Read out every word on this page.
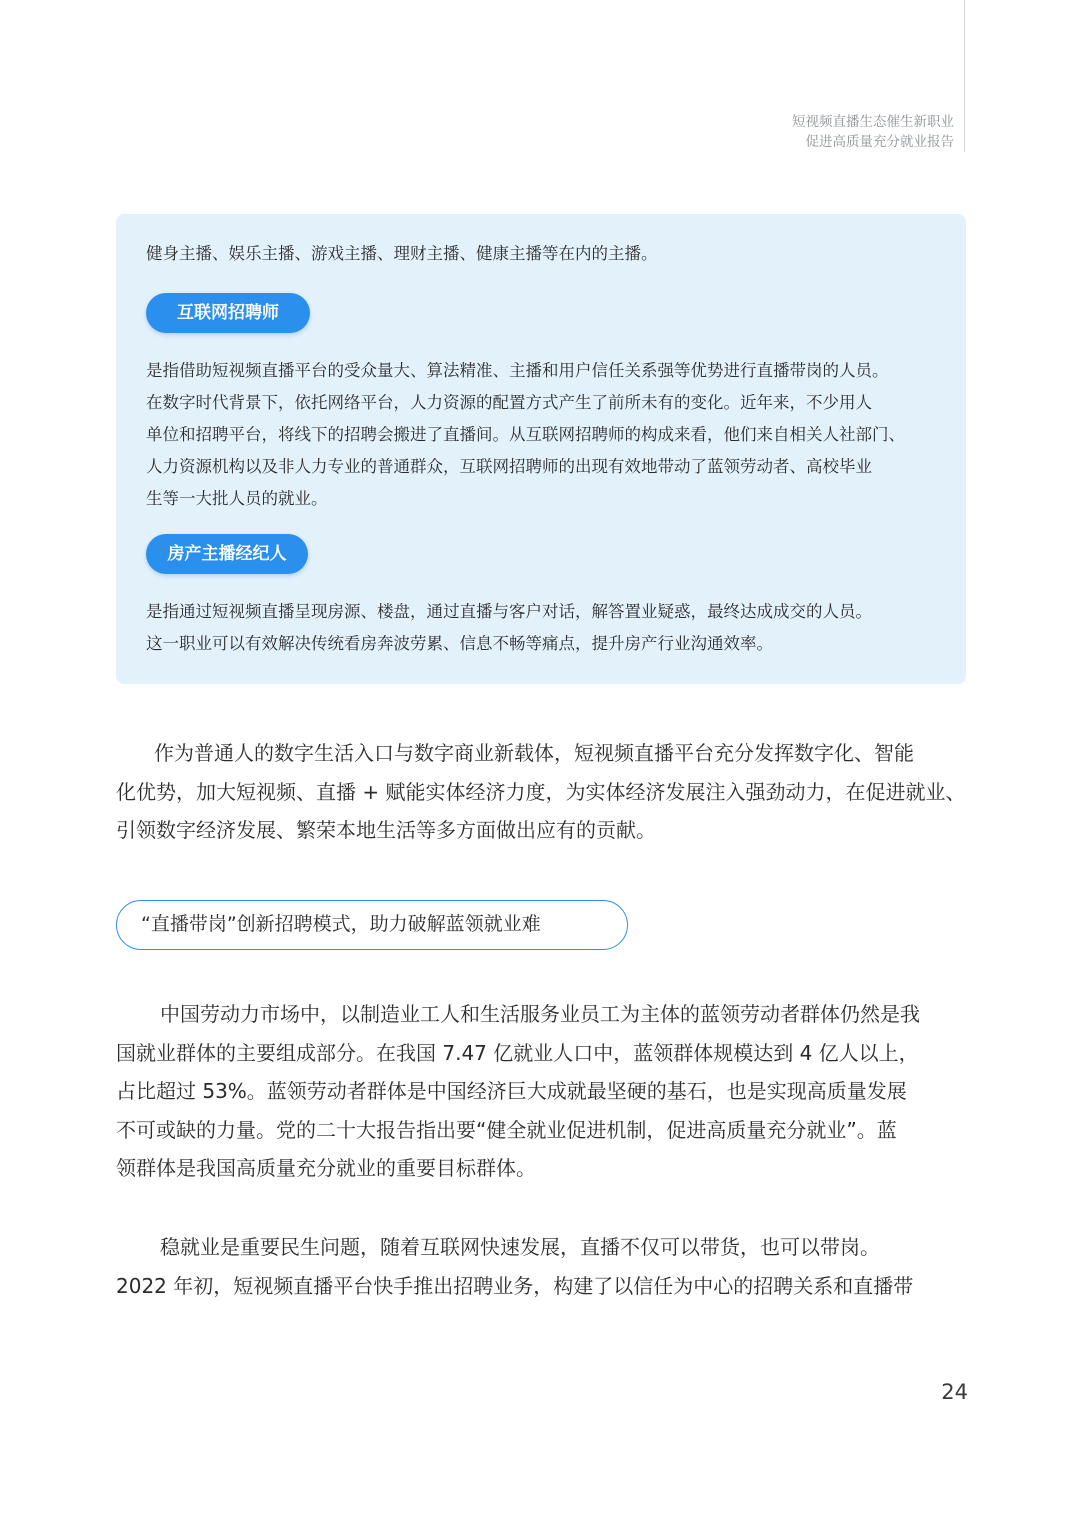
短视频直播生态催生新职业
促进高质量充分就业报告

健身主播、娱乐主播、游戏主播、理财主播、健康主播等在内的主播。

互联网招聘师
是指借助短视频直播平台的受众量大、算法精准、主播和用户信任关系强等优势进行直播带岗的人员。
在数字时代背景下，依托网络平台，人力资源的配置方式产生了前所未有的变化。近年来，不少用人
单位和招聘平台，将线下的招聘会搬进了直播间。从互联网招聘师的构成来看，他们来自相关人社部门、
人力资源机构以及非人力专业的普通群众，互联网招聘师的出现有效地带动了蓝领劳动者、高校毕业
生等一大批人员的就业。
房产主播经纪人
是指通过短视频直播呈现房源、楼盘，通过直播与客户对话，解答置业疑惑，最终达成成交的人员。
这一职业可以有效解决传统看房奔波劳累、信息不畅等痛点，提升房产行业沟通效率。
作为普通人的数字生活入口与数字商业新载体，短视频直播平台充分发挥数字化、智能
化优势，加大短视频、直播 + 赋能实体经济力度，为实体经济发展注入强劲动力，在促进就业、
引领数字经济发展、繁荣本地生活等多方面做出应有的贡献。
“直播带岗”创新招聘模式，助力破解蓝领就业难
中国劳动力市场中，以制造业工人和生活服务业员工为主体的蓝领劳动者群体仍然是我
国就业群体的主要组成部分。在我国 7.47 亿就业人口中，蓝领群体规模达到 4 亿人以上，
占比超过 53%。蓝领劳动者群体是中国经济巨大成就最坚硬的基石，也是实现高质量发展
不可或缺的力量。党的二十大报告指出要“健全就业促进机制，促进高质量充分就业”。蓝
领群体是我国高质量充分就业的重要目标群体。
稳就业是重要民生问题，随着互联网快速发展，直播不仅可以带货，也可以带岗。
2022 年初，短视频直播平台快手推出招聘业务，构建了以信任为中心的招聘关系和直播带
24
